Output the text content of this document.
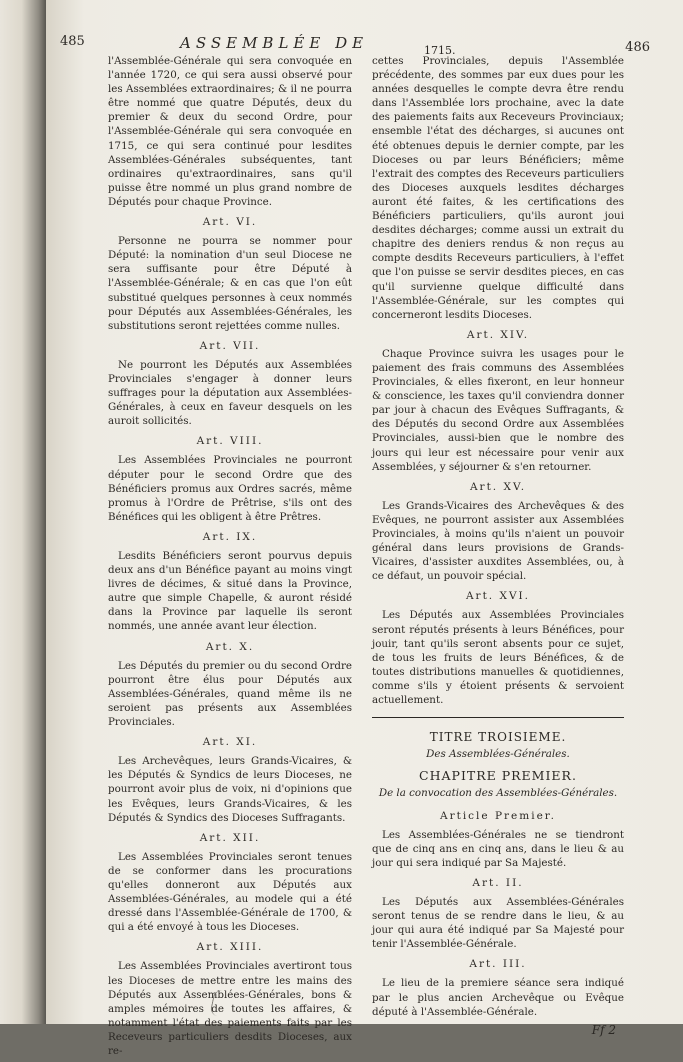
485	ASSEMBLÉE DE	1715.	486

l'Assemblée-Générale qui sera convoquée en l'année 1720, ce qui sera aussi observé pour les Assemblées extraordinaires; & il ne pourra être nommé que quatre Députés, deux du premier & deux du second Ordre, pour l'Assemblée-Générale qui sera convoquée en 1715, ce qui sera continué pour lesdites Assemblées-Générales subséquentes, tant ordinaires qu'extraordinaires, sans qu'il puisse être nommé un plus grand nombre de Députés pour chaque Province.

Art. VI.

Personne ne pourra se nommer pour Député: la nomination d'un seul Diocese ne sera suffisante pour être Député à l'Assemblée-Générale; & en cas que l'on eût substitué quelques personnes à ceux nommés pour Députés aux Assemblées-Générales, les substitutions seront rejettées comme nulles.

Art. VII.

Ne pourront les Députés aux Assemblées Provinciales s'engager à donner leurs suffrages pour la députation aux Assemblées-Générales, à ceux en faveur desquels on les auroit sollicités.

Art. VIII.

Les Assemblées Provinciales ne pourront députer pour le second Ordre que des Bénéficiers promus aux Ordres sacrés, même promus à l'Ordre de Prêtrise, s'ils ont des Bénéfices qui les obligent à être Prêtres.

Art. IX.

Lesdits Bénéficiers seront pourvus depuis deux ans d'un Bénéfice payant au moins vingt livres de décimes, & situé dans la Province, autre que simple Chapelle, & auront résidé dans la Province par laquelle ils seront nommés, une année avant leur élection.

Art. X.

Les Députés du premier ou du second Ordre pourront être élus pour Députés aux Assemblées-Générales, quand même ils ne seroient pas présents aux Assemblées Provinciales.

Art. XI.

Les Archevêques, leurs Grands-Vicaires, & les Députés & Syndics de leurs Dioceses, ne pourront avoir plus de voix, ni d'opinions que les Evêques, leurs Grands-Vicaires, & les Députés & Syndics des Dioceses Suffragants.

Art. XII.

Les Assemblées Provinciales seront tenues de se conformer dans les procurations qu'elles donneront aux Députés aux Assemblées-Générales, au modele qui a été dressé dans l'Assemblée-Générale de 1700, & qui a été envoyé à tous les Dioceses.

Art. XIII.

Les Assemblées Provinciales avertiront tous les Dioceses de mettre entre les mains des Députés aux Assemblées-Générales, bons & amples mémoires de toutes les affaires, & notamment l'état des paiements faits par les Receveurs particuliers desdits Dioceses, aux re-

cettes Provinciales, depuis l'Assemblée précédente, des sommes par eux dues pour les années desquelles le compte devra être rendu dans l'Assemblée lors prochaine, avec la date des paiements faits aux Receveurs Provinciaux; ensemble l'état des décharges, si aucunes ont été obtenues depuis le dernier compte, par les Dioceses ou par leurs Bénéficiers; même l'extrait des comptes des Receveurs particuliers des Dioceses auxquels lesdites décharges auront été faites, & les certifications des Bénéficiers particuliers, qu'ils auront joui desdites décharges; comme aussi un extrait du chapitre des deniers rendus & non reçus au compte desdits Receveurs particuliers, à l'effet que l'on puisse se servir desdites pieces, en cas qu'il survienne quelque difficulté dans l'Assemblée-Générale, sur les comptes qui concerneront lesdits Dioceses.

Art. XIV.

Chaque Province suivra les usages pour le paiement des frais communs des Assemblées Provinciales, & elles fixeront, en leur honneur & conscience, les taxes qu'il conviendra donner par jour à chacun des Evêques Suffragants, & des Députés du second Ordre aux Assemblées Provinciales, aussi-bien que le nombre des jours qui leur est nécessaire pour venir aux Assemblées, y séjourner & s'en retourner.

Art. XV.

Les Grands-Vicaires des Archevêques & des Evêques, ne pourront assister aux Assemblées Provinciales, à moins qu'ils n'aient un pouvoir général dans leurs provisions de Grands-Vicaires, d'assister auxdites Assemblées, ou, à ce défaut, un pouvoir spécial.

Art. XVI.

Les Députés aux Assemblées Provinciales seront réputés présents à leurs Bénéfices, pour jouir, tant qu'ils seront absents pour ce sujet, de tous les fruits de leurs Bénéfices, & de toutes distributions manuelles & quotidiennes, comme s'ils y étoient présents & servoient actuellement.

TITRE TROISIEME.
Des Assemblées-Générales.
CHAPITRE PREMIER.
De la convocation des Assemblées-Générales.
Article Premier.

Les Assemblées-Générales ne se tiendront que de cinq ans en cinq ans, dans le lieu & au jour qui sera indiqué par Sa Majesté.

Art. II.

Les Députés aux Assemblées-Générales seront tenus de se rendre dans le lieu, & au jour qui aura été indiqué par Sa Majesté pour tenir l'Assemblée-Générale.

Art. III.

Le lieu de la premiere séance sera indiqué par le plus ancien Archevêque ou Evêque député à l'Assemblée-Générale.

Ff 2
